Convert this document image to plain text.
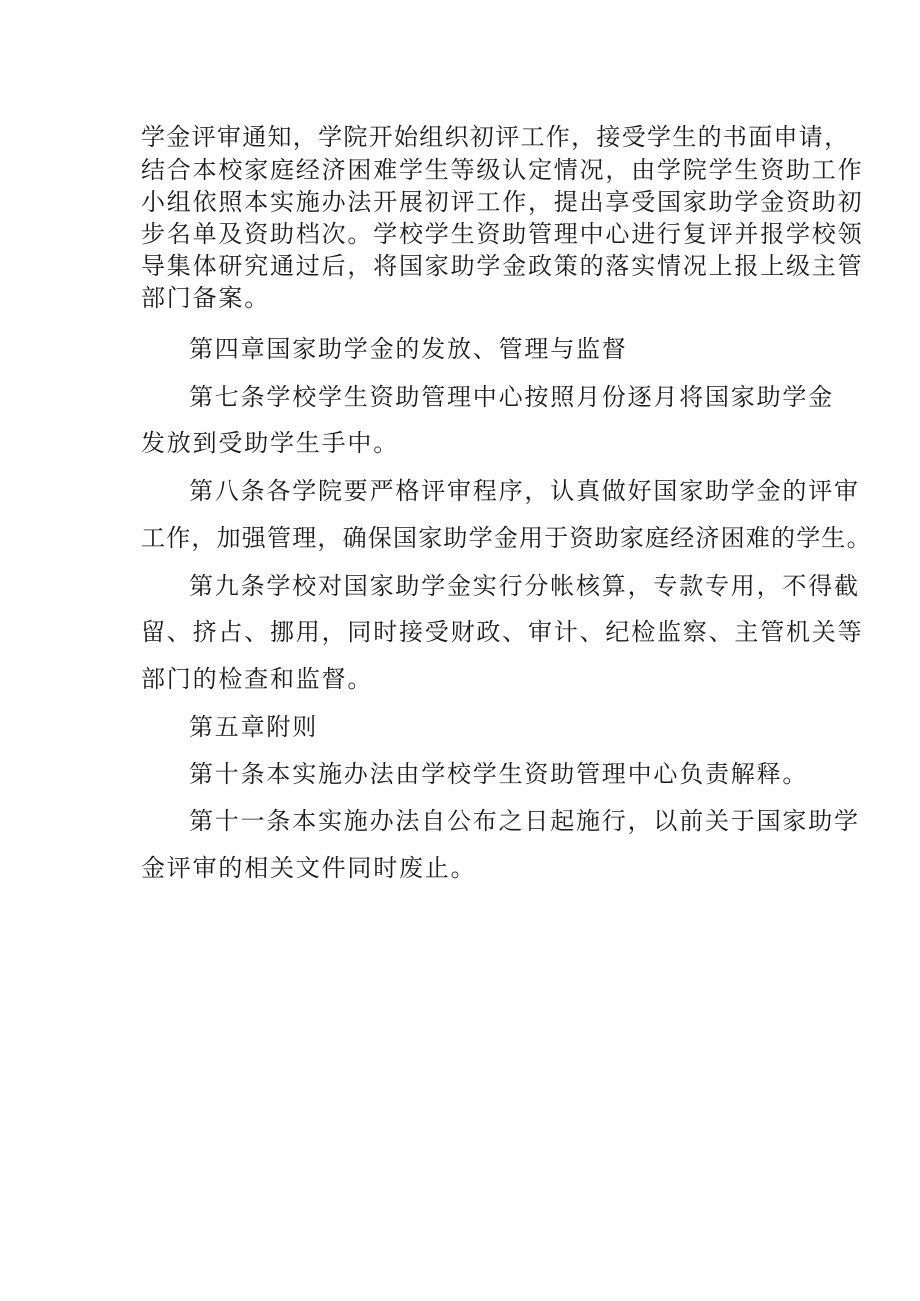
学金评审通知，学院开始组织初评工作，接受学生的书面申请，
结合本校家庭经济困难学生等级认定情况，由学院学生资助工作
小组依照本实施办法开展初评工作，提出享受国家助学金资助初
步名单及资助档次。学校学生资助管理中心进行复评并报学校领
导集体研究通过后，将国家助学金政策的落实情况上报上级主管
部门备案。
第四章国家助学金的发放、管理与监督
第七条学校学生资助管理中心按照月份逐月将国家助学金
发放到受助学生手中。
第八条各学院要严格评审程序，认真做好国家助学金的评审
工作，加强管理，确保国家助学金用于资助家庭经济困难的学生。
第九条学校对国家助学金实行分帐核算，专款专用，不得截
留、挤占、挪用，同时接受财政、审计、纪检监察、主管机关等
部门的检查和监督。
第五章附则
第十条本实施办法由学校学生资助管理中心负责解释。
第十一条本实施办法自公布之日起施行，以前关于国家助学
金评审的相关文件同时废止。
